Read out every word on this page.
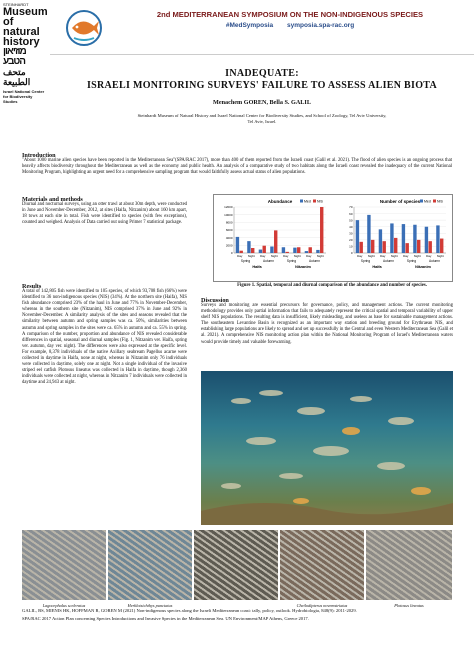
STEINHARDT
Museum
of natural
history
מוזיאון
הטבע
متحف
الطبيعة
Israel National Center for Biodiversity Studies
2nd MEDITERRANEAN SYMPOSIUM ON THE NON-INDIGENOUS SPECIES
#MedSymposia symposia.spa-rac.org
INADEQUATE:
ISRAELI MONITORING SURVEYS' FAILURE TO ASSESS ALIEN BIOTA
Menachem GOREN, Bella S. GALIL
Steinhardt Museum of Natural History and Israel National Center for Biodiversity Studies, and School of Zoology, Tel Aviv University,
Tel Aviv, Israel.
Introduction
"About 1000 marine alien species have been reported in the Mediterranean Sea"(SPA/RAC 2017), more than 400 of them reported from the Israeli coast (Galil et al. 2021). The flood of alien species is an ongoing process that heavily affects biodiversity throughout the Mediterranean as well as the economy and public health. An analysis of a comparative study of two habitats along the Israeli coast revealed the inadequacy of the current National Monitoring Program, highlighting an urgent need for a comprehensive sampling program that would faithfully assess actual status of alien populations.
Materials and methods
Diurnal and nocturnal surveys, using an otter trawl at about 30m depth, were conducted in June and November-December, 2012, at sites (Haifa, Nitzanim) about 160 km apart, 18 tows at each site in total. Fish were identified to species (with few exceptions), counted and weighed. Analysis of Data carried out using Primer 7 statistical package.
Results
A total of 142,805 fish were identified to 105 species, of which 93,708 fish (66%) were identified to 36 non-indigenous species (NIS) (34%). At the northern site (Haifa), NIS fish abundance comprised 23% of the haul in June and 77% in November-December, whereas in the southern site (Nitzanim), NIS comprised 37% in June and 92% in November-December. A similarity analysis of the sites and seasons revealed that the similarity between autumn and spring samples was ca. 50%, similarities between autumn and spring samples in the sites were ca. 65% in autumn and ca. 55% in spring. A comparison of the number, proportion and abundance of NIS revealed considerable differences in spatial, seasonal and diurnal samples (Fig. 1, Nitzanim ver. Haifa, spring ver. autumn, day ver. night). The differences were also expressed at the specific level. For example, 8,378 individuals of the native Axillary seabream Pagellus acarne were collected in daytime in Haifa, none at night, whereas in Nitzanim only 76 individuals were collected in daytime, solely one at night. Not a single individual of the invasive striped eel catfish Plotosus lineatus was collected in Haifa in daytime, though 2,360 individuals were collected at night, whereas in Nitzanim 7 individuals were collected in daytime and 24,943 at night.
Abundance	Med NIS
0
2000
4000
6000
8000
10000
12000
Day Night Day Night Day Night Day Night
Spring	Autumn	Spring	Autumn
Haifa	Nitzanim
Number of species Med NIS
0
10
20
30
40
50
60
70
Day Night Day Night Day Night Day Night
Spring	Autumn	Spring	Autumn
Haifa	Nitzanim
Figure 1. Spatial, temporal and diurnal comparison of the abundance and number of species.
Discussion
Surveys and monitoring are essential precursors for governance, policy, and management actions. The current monitoring methodology provides only partial information that fails to adequately represent the critical spatial and temporal variability of upper shelf NIS populations. The resulting data is insufficient, likely misleading, and useless as base for sustainable management actions. The southeastern Levantine Basin is recognized as an important way station and breeding ground for Erythraean NIS, and establishing large populations are likely to spread and set up successfully in the Central and even Western Mediterranean Sea (Galil et al. 2021). A comprehensive NIS monitoring action plan within the National Monitoring Program of Israel's Mediterranean waters would provide timely and valuable forewarning.
Lagocephalus sceleratus	Herklotsichthys punctatus	Cheilodipterus novemstriatus	Plotosus lineatus

GALIL, BS, MIENIS HK, HOFFMAN R, GOREN M (2021) Non-indigenous species along the Israeli Mediterranean coast: tally, policy, outlook. Hydrobiologia, 848(9): 2011-2029.

SPA/RAC 2017 Action Plan concerning Species Introductions and Invasive Species in the Mediterranean Sea. UN Environment/MAP Athens, Greece 2017.
